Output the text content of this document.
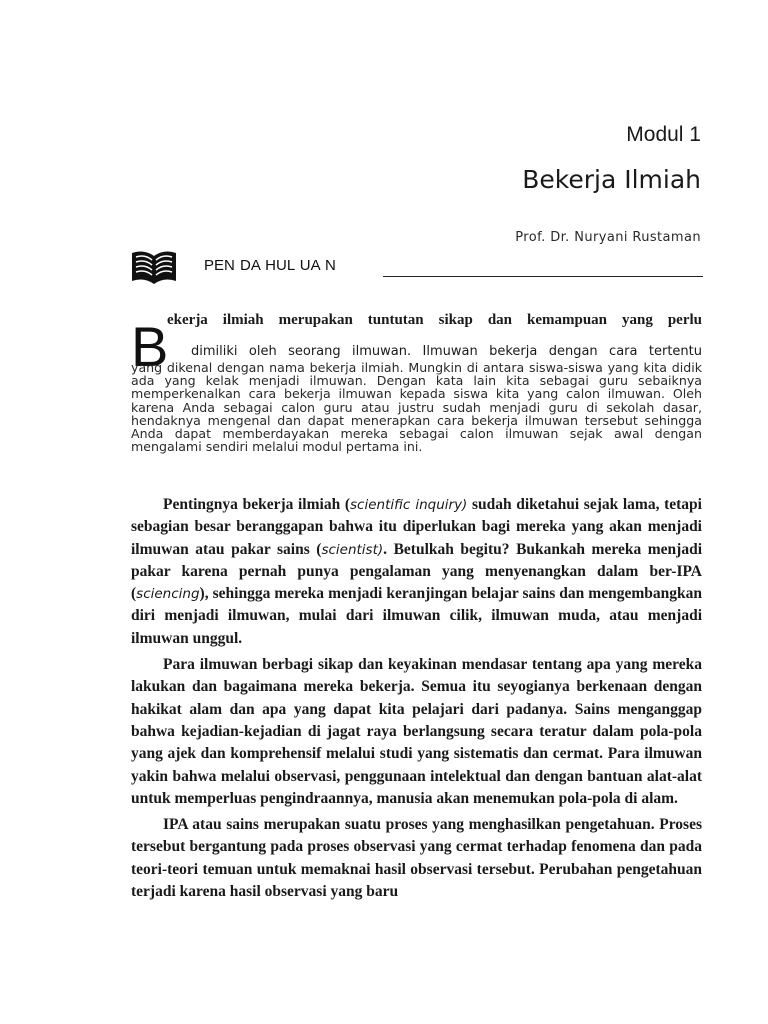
Modul 1
Bekerja Ilmiah
Prof. Dr. Nuryani Rustaman
PEN DA HUL UA N
B
ekerja ilmiah merupakan tuntutan sikap dan kemampuan yang perlu
dimiliki oleh seorang ilmuwan. Ilmuwan bekerja dengan cara tertentu

yang dikenal dengan nama bekerja ilmiah. Mungkin di antara siswa-siswa yang kita didik ada yang kelak menjadi ilmuwan. Dengan kata lain kita sebagai guru sebaiknya memperkenalkan cara bekerja ilmuwan kepada siswa kita yang calon ilmuwan. Oleh karena Anda sebagai calon guru atau justru sudah menjadi guru di sekolah dasar, hendaknya mengenal dan dapat menerapkan cara bekerja ilmuwan tersebut sehingga Anda dapat memberdayakan mereka sebagai calon ilmuwan sejak awal dengan mengalami sendiri melalui modul pertama ini.

Pentingnya bekerja ilmiah (scientific inquiry) sudah diketahui sejak lama, tetapi sebagian besar beranggapan bahwa itu diperlukan bagi mereka yang akan menjadi ilmuwan atau pakar sains (scientist). Betulkah begitu? Bukankah mereka menjadi pakar karena pernah punya pengalaman yang menyenangkan dalam ber-IPA (sciencing), sehingga mereka menjadi keranjingan belajar sains dan mengembangkan diri menjadi ilmuwan, mulai dari ilmuwan cilik, ilmuwan muda, atau menjadi ilmuwan unggul.

Para ilmuwan berbagi sikap dan keyakinan mendasar tentang apa yang mereka lakukan dan bagaimana mereka bekerja. Semua itu seyogianya berkenaan dengan hakikat alam dan apa yang dapat kita pelajari dari padanya. Sains menganggap bahwa kejadian-kejadian di jagat raya berlangsung secara teratur dalam pola-pola yang ajek dan komprehensif melalui studi yang sistematis dan cermat. Para ilmuwan yakin bahwa melalui observasi, penggunaan intelektual dan dengan bantuan alat-alat untuk memperluas pengindraannya, manusia akan menemukan pola-pola di alam.

IPA atau sains merupakan suatu proses yang menghasilkan pengetahuan. Proses tersebut bergantung pada proses observasi yang cermat terhadap fenomena dan pada teori-teori temuan untuk memaknai hasil observasi tersebut. Perubahan pengetahuan terjadi karena hasil observasi yang baru
